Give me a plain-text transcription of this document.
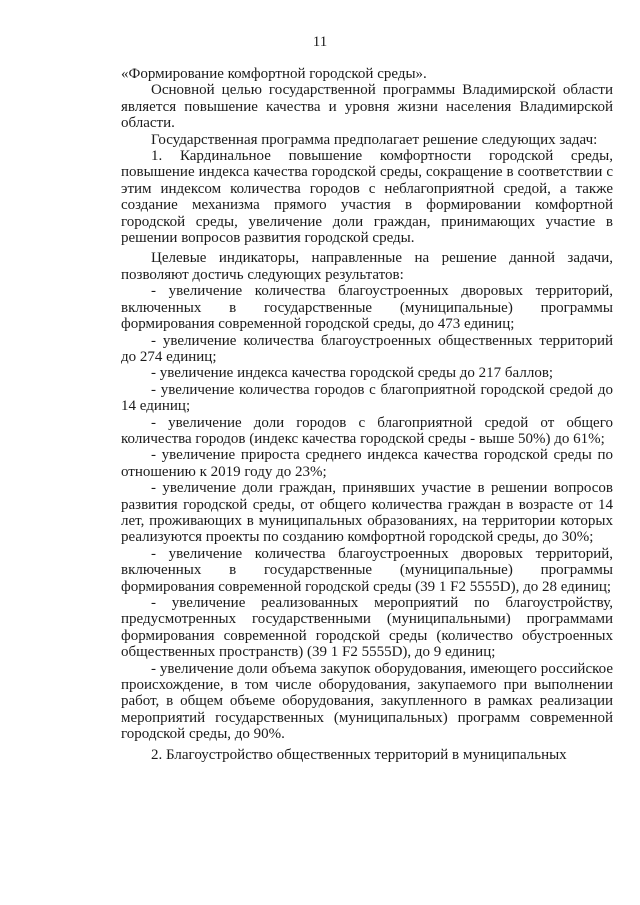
11

«Формирование комфортной городской среды».

Основной целью государственной программы Владимирской области является повышение качества и уровня жизни населения Владимирской области.

Государственная программа предполагает решение следующих задач:

1. Кардинальное повышение комфортности городской среды, повышение индекса качества городской среды, сокращение в соответствии с этим индексом количества городов с неблагоприятной средой, а также создание механизма прямого участия в формировании комфортной городской среды, увеличение доли граждан, принимающих участие в решении вопросов развития городской среды.

Целевые индикаторы, направленные на решение данной задачи, позволяют достичь следующих результатов:

- увеличение количества благоустроенных дворовых территорий, включенных в государственные (муниципальные) программы формирования современной городской среды, до 473 единиц;

- увеличение количества благоустроенных общественных территорий до 274 единиц;

- увеличение индекса качества городской среды до 217 баллов;

- увеличение количества городов с благоприятной городской средой до 14 единиц;

- увеличение доли городов с благоприятной средой от общего количества городов (индекс качества городской среды - выше 50%) до 61%;

- увеличение прироста среднего индекса качества городской среды по отношению к 2019 году до 23%;

- увеличение доли граждан, принявших участие в решении вопросов развития городской среды, от общего количества граждан в возрасте от 14 лет, проживающих в муниципальных образованиях, на территории которых реализуются проекты по созданию комфортной городской среды, до 30%;

- увеличение количества благоустроенных дворовых территорий, включенных в государственные (муниципальные) программы формирования современной городской среды (39 1 F2 5555D), до 28 единиц;

- увеличение реализованных мероприятий по благоустройству, предусмотренных государственными (муниципальными) программами формирования современной городской среды (количество обустроенных общественных пространств) (39 1 F2 5555D), до 9 единиц;

- увеличение доли объема закупок оборудования, имеющего российское происхождение, в том числе оборудования, закупаемого при выполнении работ, в общем объеме оборудования, закупленного в рамках реализации мероприятий государственных (муниципальных) программ современной городской среды, до 90%.

2. Благоустройство общественных территорий в муниципальных
